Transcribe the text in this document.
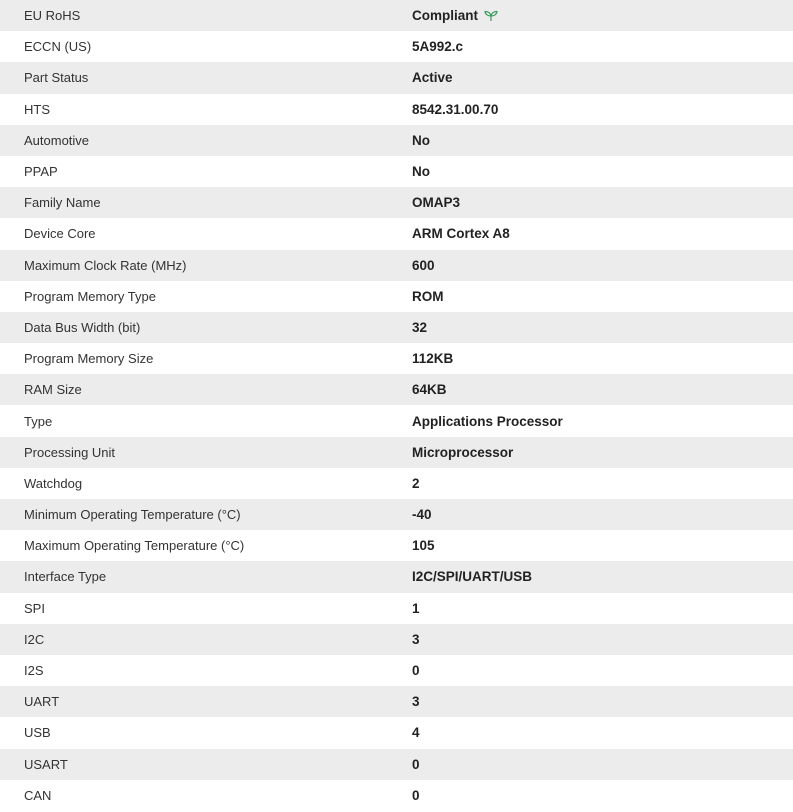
EU RoHS	Compliant
ECCN (US)	5A992.c
Part Status	Active
HTS	8542.31.00.70
Automotive	No
PPAP	No
Family Name	OMAP3
Device Core	ARM Cortex A8
Maximum Clock Rate (MHz)	600
Program Memory Type	ROM
Data Bus Width (bit)	32
Program Memory Size	112KB
RAM Size	64KB
Type	Applications Processor
Processing Unit	Microprocessor
Watchdog	2
Minimum Operating Temperature (°C)	-40
Maximum Operating Temperature (°C)	105
Interface Type	I2C/SPI/UART/USB
SPI	1
I2C	3
I2S	0
UART	3
USB	4
USART	0
CAN	0
